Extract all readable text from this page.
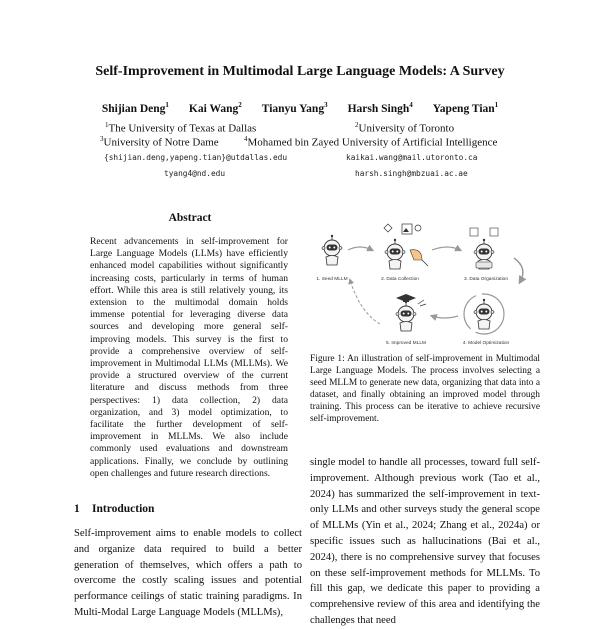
Self-Improvement in Multimodal Large Language Models: A Survey
Shijian Deng$^1$ Kai Wang$^2$ Tianyu Yang$^3$ Harsh Singh$^4$ Yapeng Tian$^1$
$^1$The University of Texas at Dallas	$^2$University of Toronto
$^3$University of Notre Dame	$^4$Mohamed bin Zayed University of Artificial Intelligence
{shijian.deng,yapeng.tian}@utdallas.edu	kaikai.wang@mail.utoronto.ca
tyang4@nd.edu	harsh.singh@mbzuai.ac.ae
Abstract
Recent advancements in self-improvement for Large Language Models (LLMs) have efficiently enhanced model capabilities without significantly increasing costs, particularly in terms of human effort. While this area is still relatively young, its extension to the multimodal domain holds immense potential for leveraging diverse data sources and developing more general self-improving models. This survey is the first to provide a comprehensive overview of self-improvement in Multimodal LLMs (MLLMs). We provide a structured overview of the current literature and discuss methods from three perspectives: 1) data collection, 2) data organization, and 3) model optimization, to facilitate the further development of self-improvement in MLLMs. We also include commonly used evaluations and downstream applications. Finally, we conclude by outlining open challenges and future research directions.
1 Introduction
Self-improvement aims to enable models to collect and organize data required to build a better generation of themselves, which offers a path to overcome the costly scaling issues and potential performance ceilings of static training paradigms. In Multi-Modal Large Language Models (MLLMs),
1. Seed MLLM	2. Data Collection	3. Data Organization
4. Model Optimization
5. Improved MLLM
Figure 1: An illustration of self-improvement in Multimodal Large Language Models. The process involves selecting a seed MLLM to generate new data, organizing that data into a dataset, and finally obtaining an improved model through training. This process can be iterative to achieve recursive self-improvement.
single model to handle all processes, toward full self-improvement. Although previous work (Tao et al., 2024) has summarized the self-improvement in text-only LLMs and other surveys study the general scope of MLLMs (Yin et al., 2024; Zhang et al., 2024a) or specific issues such as hallucinations (Bai et al., 2024), there is no comprehensive survey that focuses on these self-improvement methods for MLLMs. To fill this gap, we dedicate this paper to providing a comprehensive review of this area and identifying the challenges that need
